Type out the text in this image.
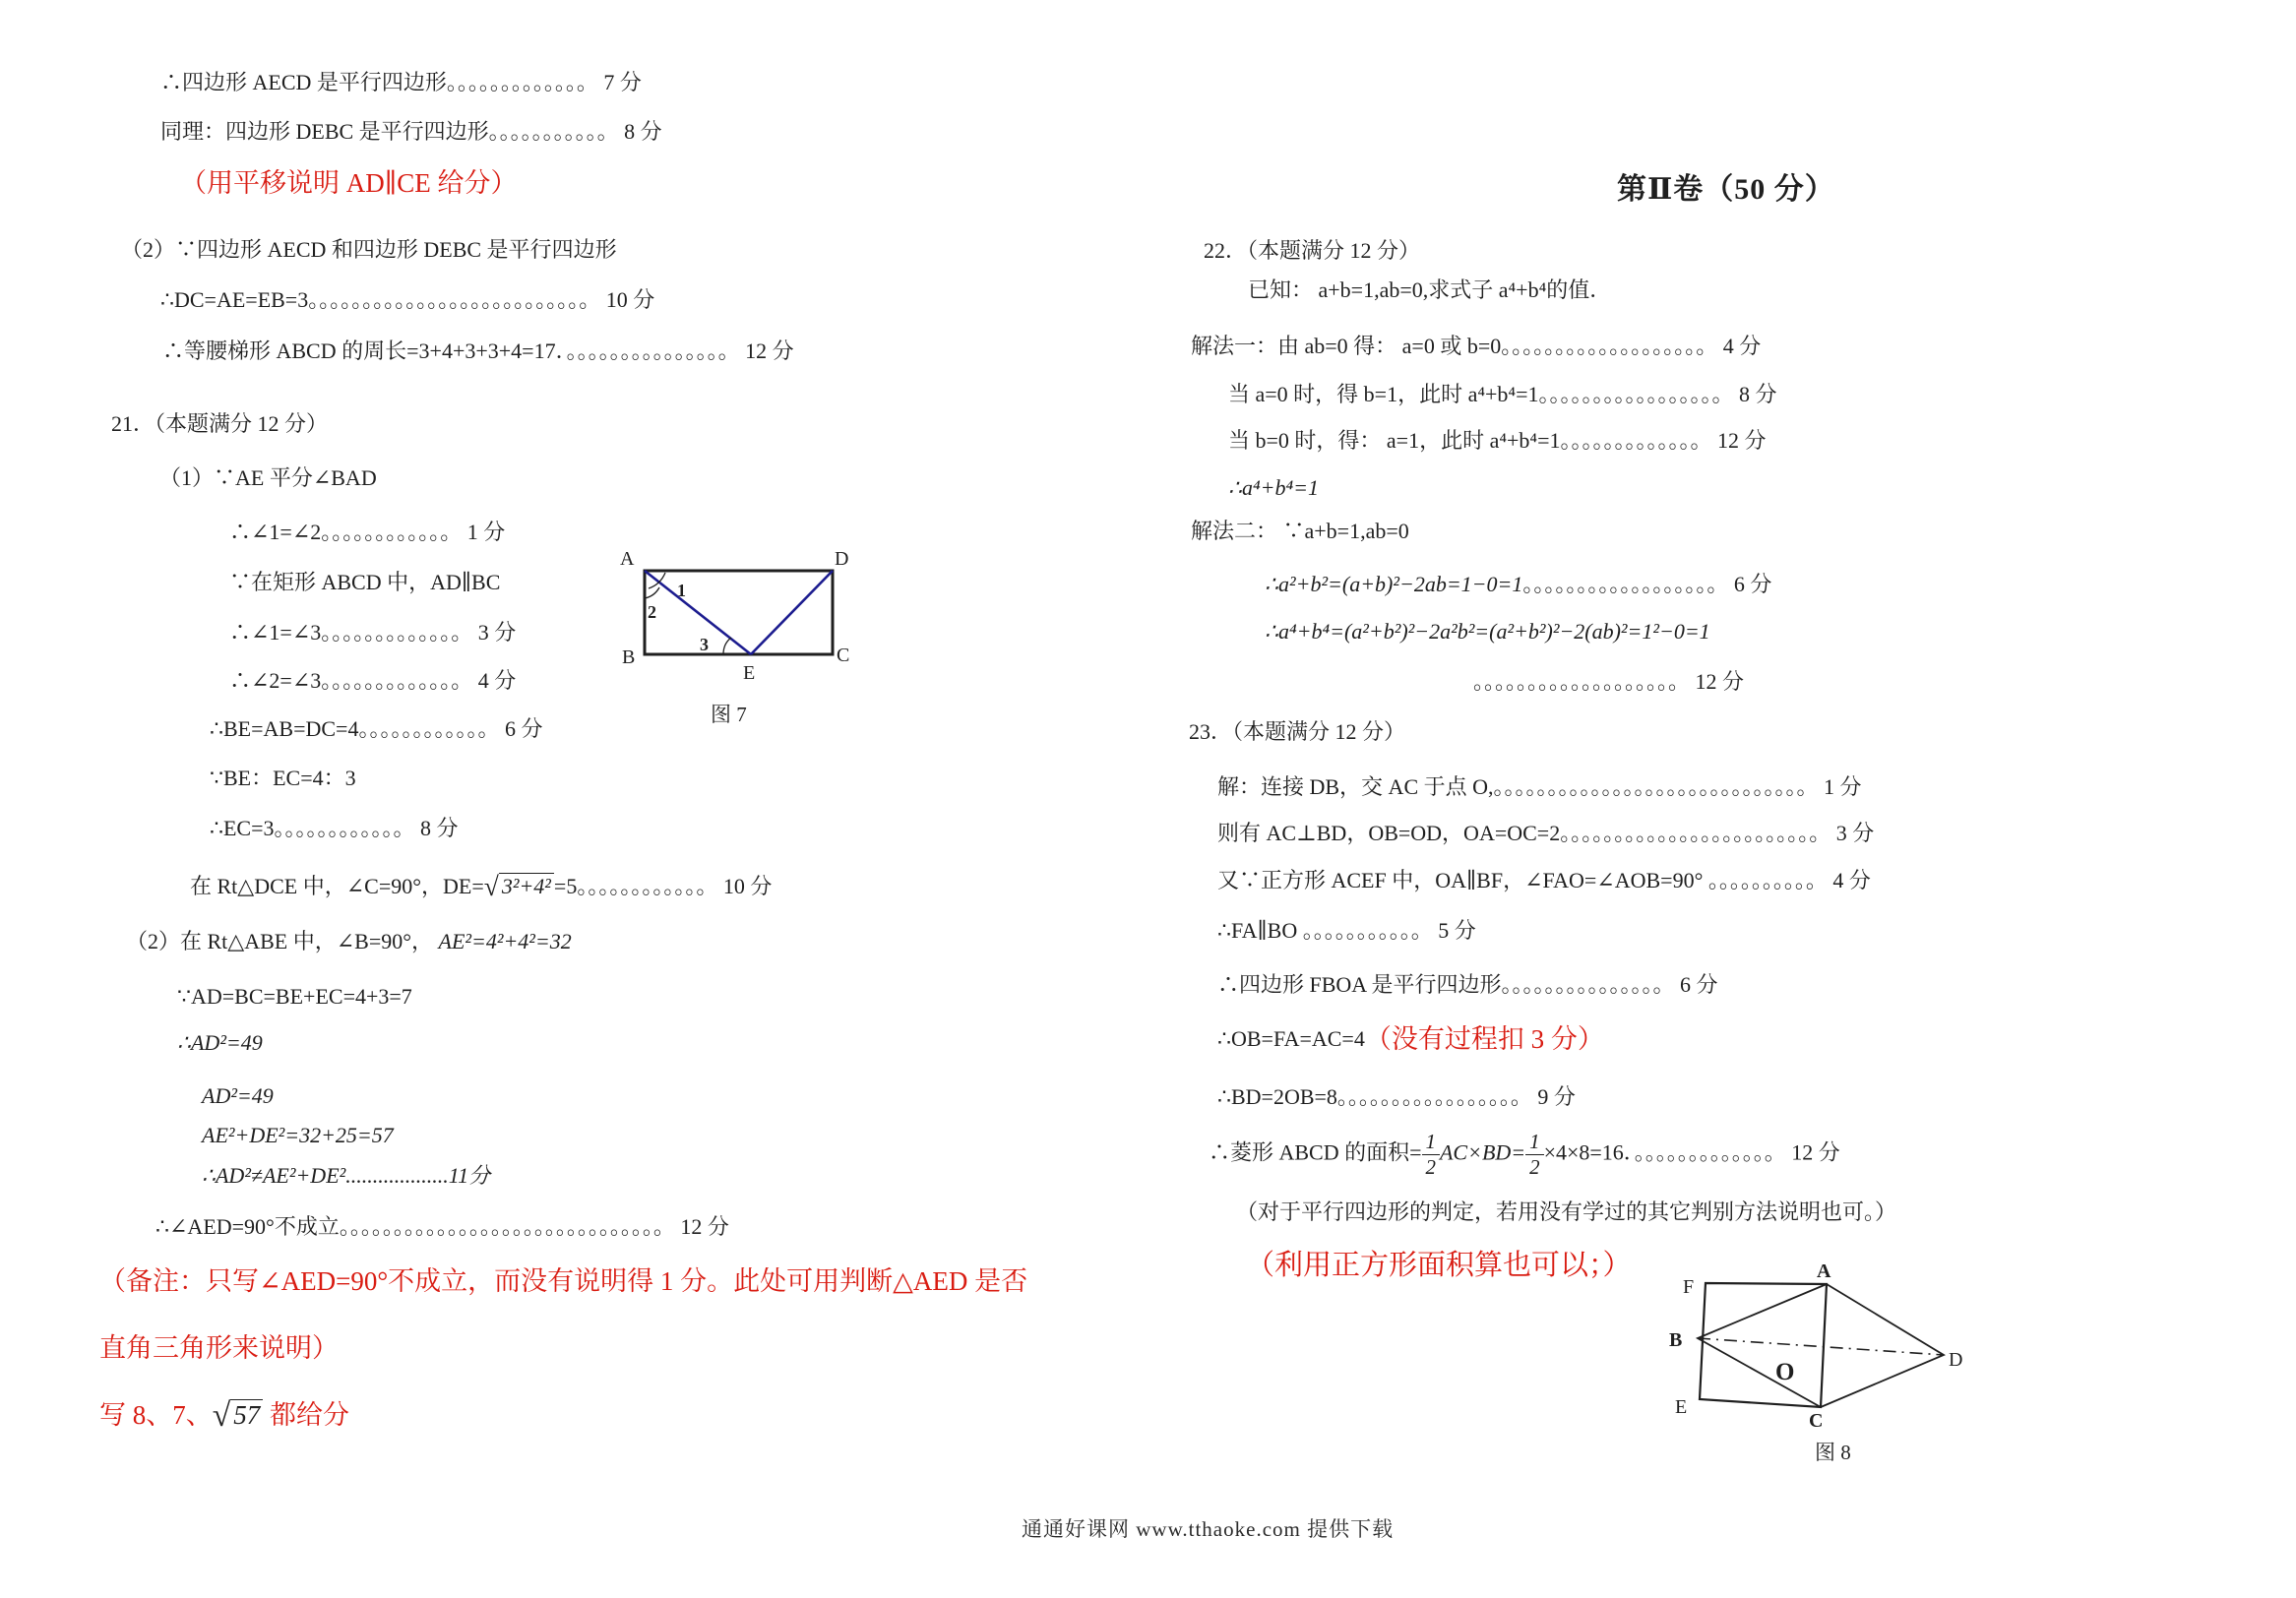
∴四边形 AECD 是平行四边形。。。。。。。。。。。。。 7 分
同理：四边形 DEBC 是平行四边形。。。。。。。。。。。 8 分
（用平移说明 AD∥CE 给分）
（2）∵四边形 AECD 和四边形 DEBC 是平行四边形
∴DC=AE=EB=3。。。。。。。。。。。。。。。。。。。。。。。。。。 10 分
∴等腰梯形 ABCD 的周长=3+4+3+3+4=17．。。。。。。。。。。。。。。。 12 分
21．（本题满分 12 分）
（1）∵AE 平分∠BAD
∴∠1=∠2。。。。。。。。。。。。 1 分
∵在矩形 ABCD 中，AD∥BC
∴∠1=∠3。。。。。。。。。。。。。 3 分
∴∠2=∠3。。。。。。。。。。。。。 4 分
∴BE=AB=DC=4。。。。。。。。。。。。 6 分
∵BE：EC=4：3
∴EC=3。。。。。。。。。。。。 8 分
在 Rt△DCE 中，∠C=90°，DE=√ 3²+4² =5。。。。。。。。。。。。 10 分
（2）在 Rt△ABE 中，∠B=90°， AE²=4²+4²=32
∵AD=BC=BE+EC=4+3=7
∴AD²=49
AD²=49
AE²+DE²=32+25=57
∴AD²≠AE²+DE²...................11分
∴∠AED=90°不成立。。。。。。。。。。。。。。。。。。。。。。。。。。。。。。 12 分
（备注：只写∠AED=90°不成立，而没有说明得 1 分。此处可用判断△AED 是否
直角三角形来说明）
写 8、7、√ 57 都给分
A	D
B	C
E
1
2
3
图 7
第Ⅱ卷（50 分）
22．（本题满分 12 分）
已知： a+b=1,ab=0,求式子 a⁴+b⁴的值．
解法一：由 ab=0 得： a=0 或 b=0。。。。。。。。。。。。。。。。。。。 4 分
当 a=0 时，得 b=1，此时 a⁴+b⁴=1。。。。。。。。。。。。。。。。。 8 分
当 b=0 时，得： a=1，此时 a⁴+b⁴=1。。。。。。。。。。。。。 12 分
∴a⁴+b⁴=1
解法二： ∵a+b=1,ab=0
∴a²+b²=(a+b)²−2ab=1−0=1。。。。。。。。。。。。。。。。。。 6 分
∴a⁴+b⁴=(a²+b²)²−2a²b²=(a²+b²)²−2(ab)²=1²−0=1
。。。。。。。。。。。。。。。。。。。 12 分
23．（本题满分 12 分）
解：连接 DB，交 AC 于点 O,。。。。。。。。。。。。。。。。。。。。。。。。。。。。。 1 分
则有 AC⊥BD，OB=OD，OA=OC=2。。。。。。。。。。。。。。。。。。。。。。。。 3 分
又∵正方形 ACEF 中，OA∥BF，∠FAO=∠AOB=90° 。。。。。。。。。。 4 分
∴FA∥BO 。。。。。。。。。。。 5 分
∴四边形 FBOA 是平行四边形。。。。。。。。。。。。。。。 6 分
∴OB=FA=AC=4（没有过程扣 3 分）
∴BD=2OB=8。。。。。。。。。。。。。。。。。 9 分
∴菱形 ABCD 的面积= $\frac{1}{2} AC\times BD= \frac{1}{2} \times 4\times 8=16$．。。。。。。。。。。。。。 12 分
（对于平行四边形的判定，若用没有学过的其它判别方法说明也可。）
（利用正方形面积算也可以；）
F
A
B
D
E
C
O
图 8
通通好课网 www.tthaoke.com 提供下载
